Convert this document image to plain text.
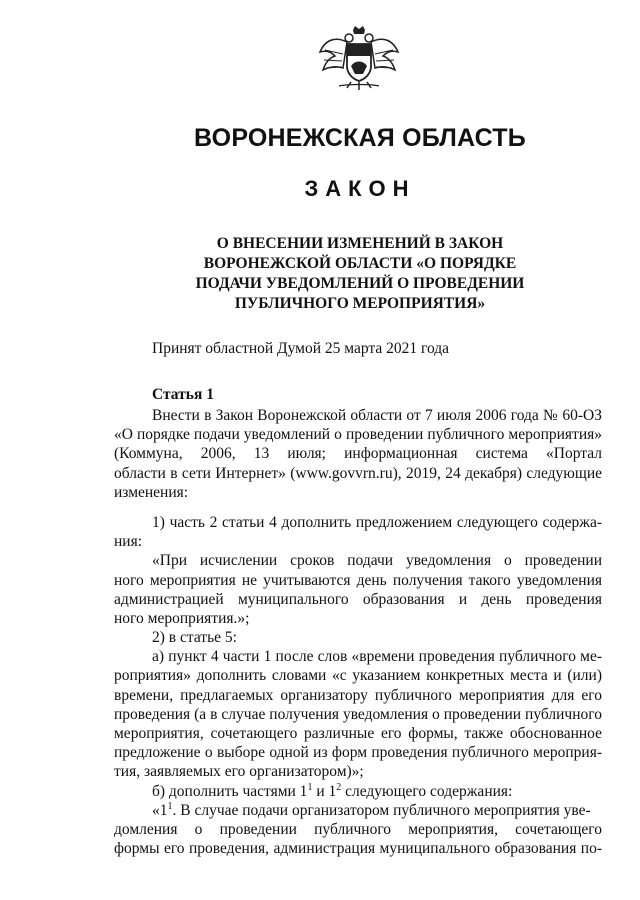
ВОРОНЕЖСКАЯ ОБЛАСТЬ
ЗАКОН
О ВНЕСЕНИИ ИЗМЕНЕНИЙ В ЗАКОН
ВОРОНЕЖСКОЙ ОБЛАСТИ «О ПОРЯДКЕ
ПОДАЧИ УВЕДОМЛЕНИЙ О ПРОВЕДЕНИИ
ПУБЛИЧНОГО МЕРОПРИЯТИЯ»

Принят областной Думой 25 марта 2021 года

Статья 1

Внести в Закон Воронежской области от 7 июля 2006 года № 60-ОЗ
«О порядке подачи уведомлений о проведении публичного мероприятия»
(Коммуна, 2006, 13 июля; информационная система «Портал
области в сети Интернет» (www.govvrn.ru), 2019, 24 декабря) следующие
изменения:
1) часть 2 статьи 4 дополнить предложением следующего содержа-
ния:
«При исчислении сроков подачи уведомления о проведении
ного мероприятия не учитываются день получения такого уведомления
администрацией муниципального образования и день проведения
ного мероприятия.»;
2) в статье 5:
а) пункт 4 части 1 после слов «времени проведения публичного ме-
роприятия» дополнить словами «с указанием конкретных места и (или)
времени, предлагаемых организатору публичного мероприятия для его
проведения (а в случае получения уведомления о проведении публичного
мероприятия, сочетающего различные его формы, также обоснованное
предложение о выборе одной из форм проведения публичного мероприя-
тия, заявляемых его организатором)»;
б) дополнить частями $1^1$ и $1^2$ следующего содержания:
«$1^1$. В случае подачи организатором публичного мероприятия уве-
домления о проведении публичного мероприятия, сочетающего
формы его проведения, администрация муниципального образования по-
